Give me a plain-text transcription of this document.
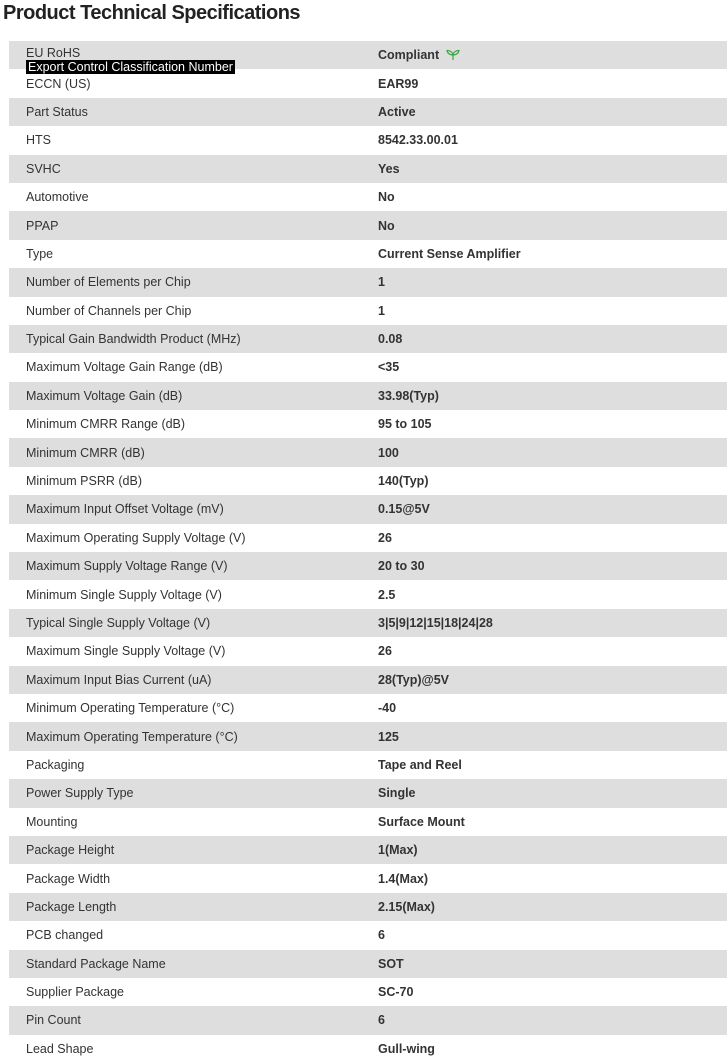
Product Technical Specifications
EU RoHS	Compliant
ECCN (US)	EAR99
Part Status	Active
HTS	8542.33.00.01
SVHC	Yes
Automotive	No
PPAP	No
Type	Current Sense Amplifier
Number of Elements per Chip	1
Number of Channels per Chip	1
Typical Gain Bandwidth Product (MHz)	0.08
Maximum Voltage Gain Range (dB)	<35
Maximum Voltage Gain (dB)	33.98(Typ)
Minimum CMRR Range (dB)	95 to 105
Minimum CMRR (dB)	100
Minimum PSRR (dB)	140(Typ)
Maximum Input Offset Voltage (mV)	0.15@5V
Maximum Operating Supply Voltage (V)	26
Maximum Supply Voltage Range (V)	20 to 30
Minimum Single Supply Voltage (V)	2.5
Typical Single Supply Voltage (V)	3|5|9|12|15|18|24|28
Maximum Single Supply Voltage (V)	26
Maximum Input Bias Current (uA)	28(Typ)@5V
Minimum Operating Temperature (°C)	-40
Maximum Operating Temperature (°C)	125
Packaging	Tape and Reel
Power Supply Type	Single
Mounting	Surface Mount
Package Height	1(Max)
Package Width	1.4(Max)
Package Length	2.15(Max)
PCB changed	6
Standard Package Name	SOT
Supplier Package	SC-70
Pin Count	6
Lead Shape	Gull-wing
Export Control Classification Number
